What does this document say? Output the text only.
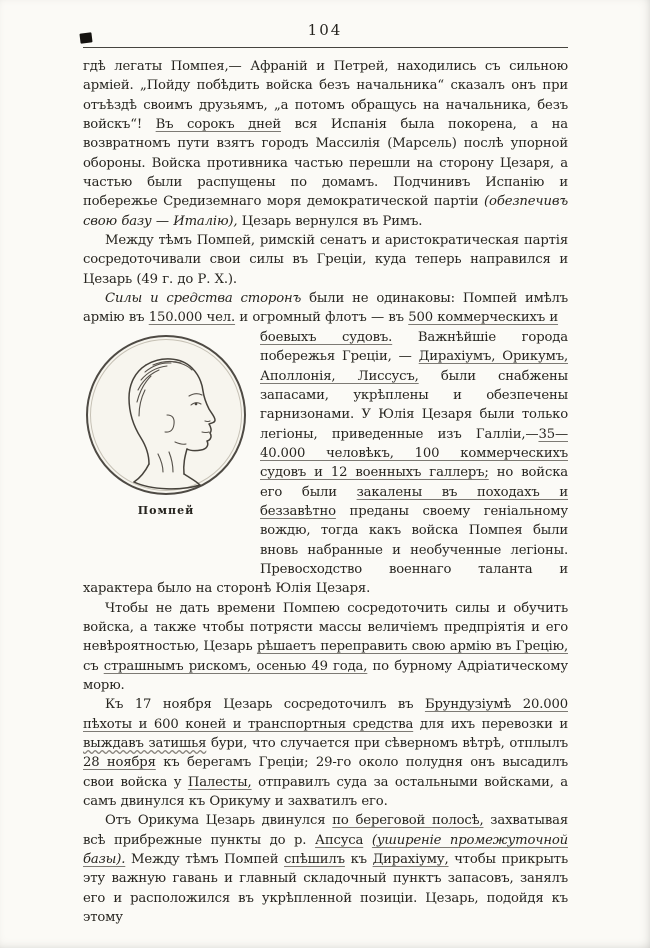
104

гдѣ легаты Помпея,— Афраній и Петрей, находились съ сильною арміей. „Пойду побѣдить войска безъ начальника“ сказалъ онъ при отъѣздѣ своимъ друзьямъ, „а потомъ обращусь на начальника, безъ войскъ“! Въ сорокъ дней вся Испанія была покорена, а на возвратномъ пути взятъ городъ Массилія (Марсель) послѣ упорной обороны. Войска противника частью перешли на сторону Цезаря, а частью были распущены по домамъ. Подчинивъ Испанію и побережье Средиземнаго моря демократической партіи (обезпечивъ свою базу — Италію), Цезарь вернулся въ Римъ.

Между тѣмъ Помпей, римскій сенатъ и аристократическая партія сосредоточивали свои силы въ Греціи, куда теперь направился и Цезарь (49 г. до Р. Х.).

Силы и средства сторонъ были не одинаковы: Помпей имѣлъ армію въ 150.000 чел. и огромный флотъ — въ 500 коммерческихъ и

Помпей
боевыхъ судовъ. Важнѣйшіе города побережья Греціи, — Дирахіумъ, Орикумъ, Аполлонія, Лиссусъ, были снабжены запасами, укрѣплены и обезпечены гарнизонами. У Юлія Цезаря были только легіоны, приведенные изъ Галліи,—35—40.000 человѣкъ, 100 коммерческихъ судовъ и 12 военныхъ галлеръ; но войска его были закалены въ походахъ и беззавѣтно преданы своему геніальному вождю, тогда какъ войска Помпея были вновь набранные и необученные легіоны. Превосходство военнаго таланта и характера было на сторонѣ Юлія Цезаря.

Чтобы не дать времени Помпею сосредоточить силы и обучить войска, а также чтобы потрясти массы величіемъ предпріятія и его невѣроятностью, Цезарь рѣшаетъ переправить свою армію въ Грецію, съ страшнымъ рискомъ, осенью 49 года, по бурному Адріатическому морю.

Къ 17 ноября Цезарь сосредоточилъ въ Брундузіумѣ 20.000 пѣхоты и 600 коней и транспортныя средства для ихъ перевозки и выждавъ затишья бури, что случается при сѣверномъ вѣтрѣ, отплылъ 28 ноября къ берегамъ Греціи; 29-го около полудня онъ высадилъ свои войска у Палесты, отправилъ суда за остальными войсками, а самъ двинулся къ Орикуму и захватилъ его.

Отъ Орикума Цезарь двинулся по береговой полосѣ, захватывая всѣ прибрежные пункты до р. Апсуса (уширеніе промежуточной базы). Между тѣмъ Помпей спѣшилъ къ Дирахіуму, чтобы прикрыть эту важную гавань и главный складочный пунктъ запасовъ, занялъ его и расположился въ укрѣпленной позиціи. Цезарь, подойдя къ этому
